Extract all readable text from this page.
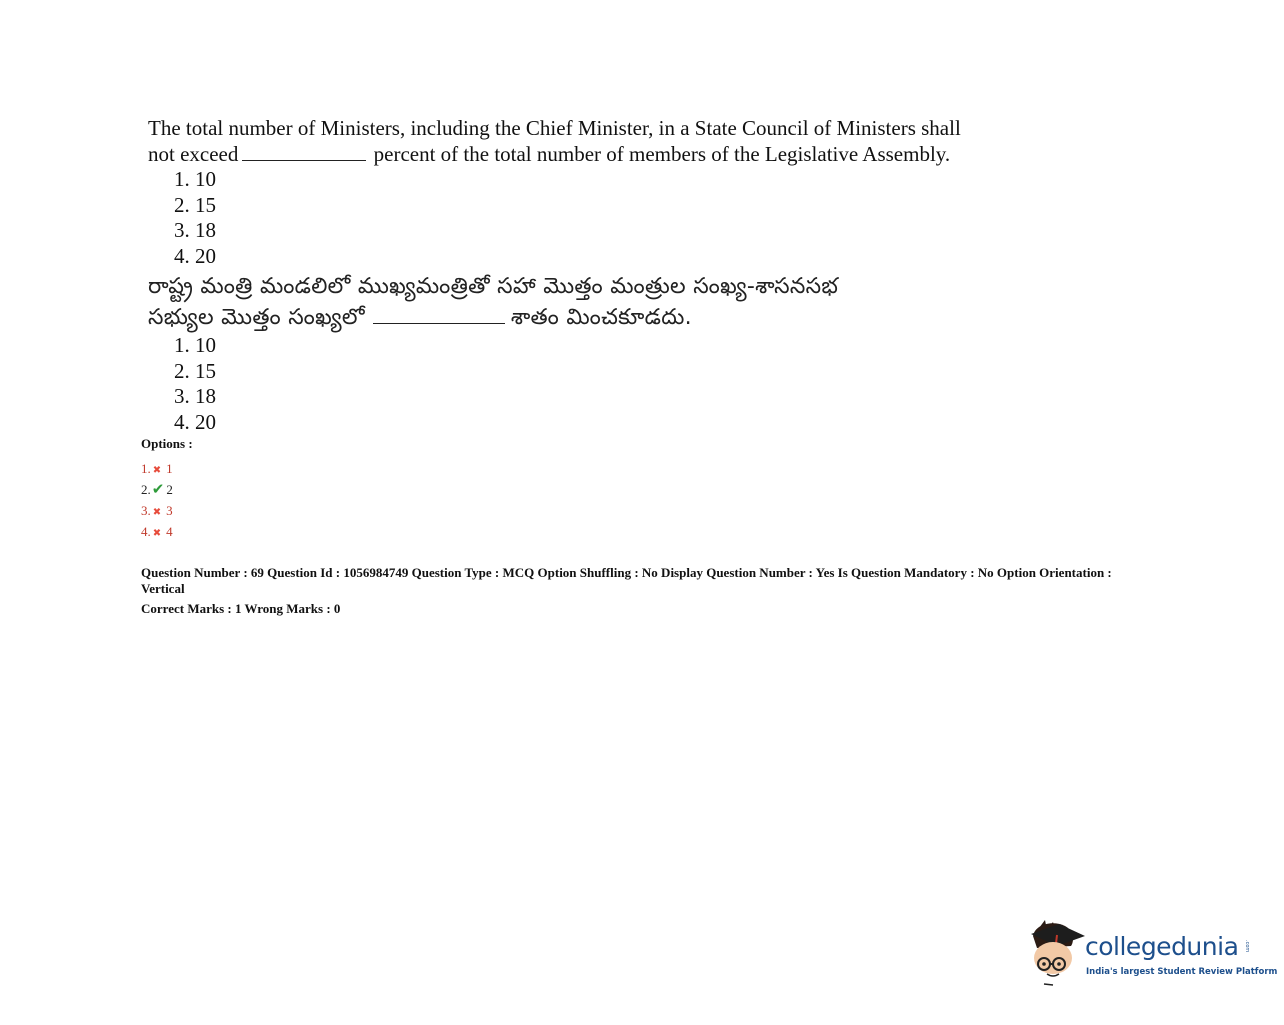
The total number of Ministers, including the Chief Minister, in a State Council of Ministers shall

not exceed	percent of the total number of members of the Legislative Assembly.

1. 10
2. 15
3. 18
4. 20
రాష్ట్ర మంత్రి మండలిలో ముఖ్యమంత్రితో సహా మొత్తం మంత్రుల సంఖ్య-శాసనసభ
సభ్యుల మొత్తం సంఖ్యలో	శాతం మించకూడదు.
1. 10
2. 15
3. 18
4. 20
Options :
1. ✖ 1
2.✔ 2
3. ✖ 3
4. ✖ 4
Question Number : 69 Question Id : 1056984749 Question Type : MCQ Option Shuffling : No Display Question Number : Yes Is Question Mandatory : No Option Orientation : Vertical
Correct Marks : 1 Wrong Marks : 0
collegedunia .com
India's largest Student Review Platform
